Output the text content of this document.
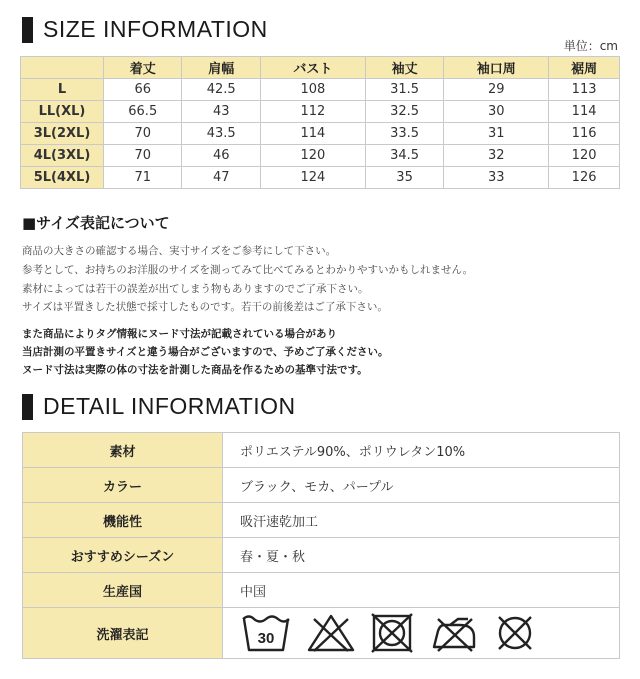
SIZE INFORMATION
単位：cm
	着丈	肩幅	バスト	袖丈	袖口周	裾周
L	66	42.5	108	31.5	29	113
LL(XL)	66.5	43	112	32.5	30	114
3L(2XL)	70	43.5	114	33.5	31	116
4L(3XL)	70	46	120	34.5	32	120
5L(4XL)	71	47	124	35	33	126
■サイズ表記について
商品の大きさの確認する場合、実寸サイズをご参考にして下さい。
参考として、お持ちのお洋服のサイズを測ってみて比べてみるとわかりやすいかもしれません。
素材によっては若干の誤差が出てしまう物もありますのでご了承下さい。
サイズは平置きした状態で採寸したものです。若干の前後差はご了承下さい。
また商品によりタグ情報にヌード寸法が記載されている場合があり
当店計測の平置きサイズと違う場合がございますので、予めご了承ください。
ヌード寸法は実際の体の寸法を計測した商品を作るための基準寸法です。
DETAIL INFORMATION
素材	ポリエステル90%、ポリウレタン10%
カラー	ブラック、モカ、パープル
機能性	吸汗速乾加工
おすすめシーズン	春・夏・秋
生産国	中国
洗濯表記	30
